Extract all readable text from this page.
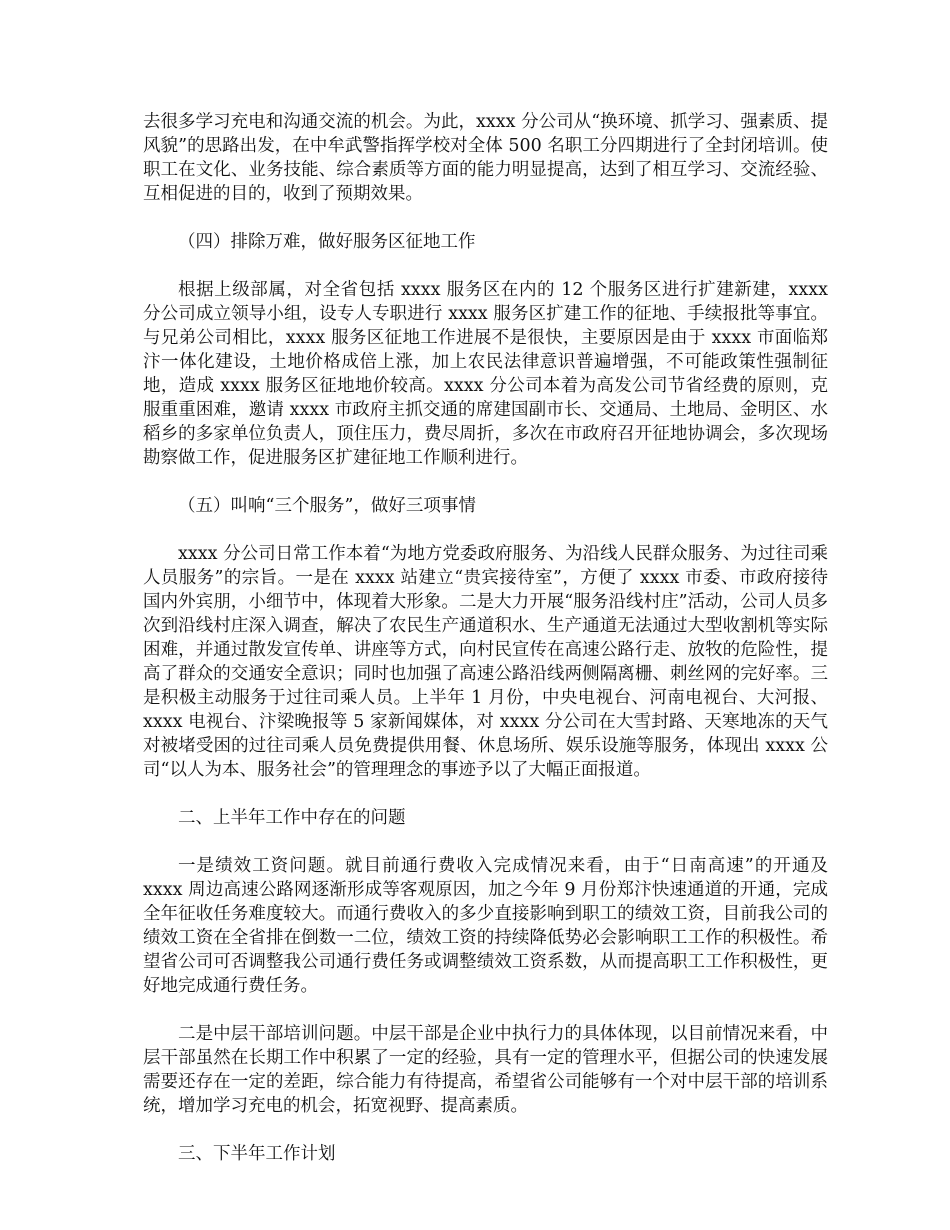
去很多学习充电和沟通交流的机会。为此，xxxx 分公司从“换环境、抓学习、强素质、提风貌”的思路出发，在中牟武警指挥学校对全体 500 名职工分四期进行了全封闭培训。使职工在文化、业务技能、综合素质等方面的能力明显提高，达到了相互学习、交流经验、互相促进的目的，收到了预期效果。

（四）排除万难，做好服务区征地工作

根据上级部属，对全省包括 xxxx 服务区在内的 12 个服务区进行扩建新建，xxxx 分公司成立领导小组，设专人专职进行 xxxx 服务区扩建工作的征地、手续报批等事宜。与兄弟公司相比，xxxx 服务区征地工作进展不是很快，主要原因是由于 xxxx 市面临郑汴一体化建设，土地价格成倍上涨，加上农民法律意识普遍增强，不可能政策性强制征地，造成 xxxx 服务区征地地价较高。xxxx 分公司本着为高发公司节省经费的原则，克服重重困难，邀请 xxxx 市政府主抓交通的席建国副市长、交通局、土地局、金明区、水稻乡的多家单位负责人，顶住压力，费尽周折，多次在市政府召开征地协调会，多次现场勘察做工作，促进服务区扩建征地工作顺利进行。

（五）叫响“三个服务”，做好三项事情

xxxx 分公司日常工作本着“为地方党委政府服务、为沿线人民群众服务、为过往司乘人员服务”的宗旨。一是在 xxxx 站建立“贵宾接待室”，方便了 xxxx 市委、市政府接待国内外宾朋，小细节中，体现着大形象。二是大力开展“服务沿线村庄”活动，公司人员多次到沿线村庄深入调查，解决了农民生产通道积水、生产通道无法通过大型收割机等实际困难，并通过散发宣传单、讲座等方式，向村民宣传在高速公路行走、放牧的危险性，提高了群众的交通安全意识；同时也加强了高速公路沿线两侧隔离栅、刺丝网的完好率。三是积极主动服务于过往司乘人员。上半年 1 月份，中央电视台、河南电视台、大河报、xxxx 电视台、汴梁晚报等 5 家新闻媒体，对 xxxx 分公司在大雪封路、天寒地冻的天气对被堵受困的过往司乘人员免费提供用餐、休息场所、娱乐设施等服务，体现出 xxxx 公司“以人为本、服务社会”的管理理念的事迹予以了大幅正面报道。

二、上半年工作中存在的问题

一是绩效工资问题。就目前通行费收入完成情况来看，由于“日南高速”的开通及 xxxx 周边高速公路网逐渐形成等客观原因，加之今年 9 月份郑汴快速通道的开通，完成全年征收任务难度较大。而通行费收入的多少直接影响到职工的绩效工资，目前我公司的绩效工资在全省排在倒数一二位，绩效工资的持续降低势必会影响职工工作的积极性。希望省公司可否调整我公司通行费任务或调整绩效工资系数，从而提高职工工作积极性，更好地完成通行费任务。

二是中层干部培训问题。中层干部是企业中执行力的具体体现，以目前情况来看，中层干部虽然在长期工作中积累了一定的经验，具有一定的管理水平，但据公司的快速发展需要还存在一定的差距，综合能力有待提高，希望省公司能够有一个对中层干部的培训系统，增加学习充电的机会，拓宽视野、提高素质。

三、下半年工作计划
